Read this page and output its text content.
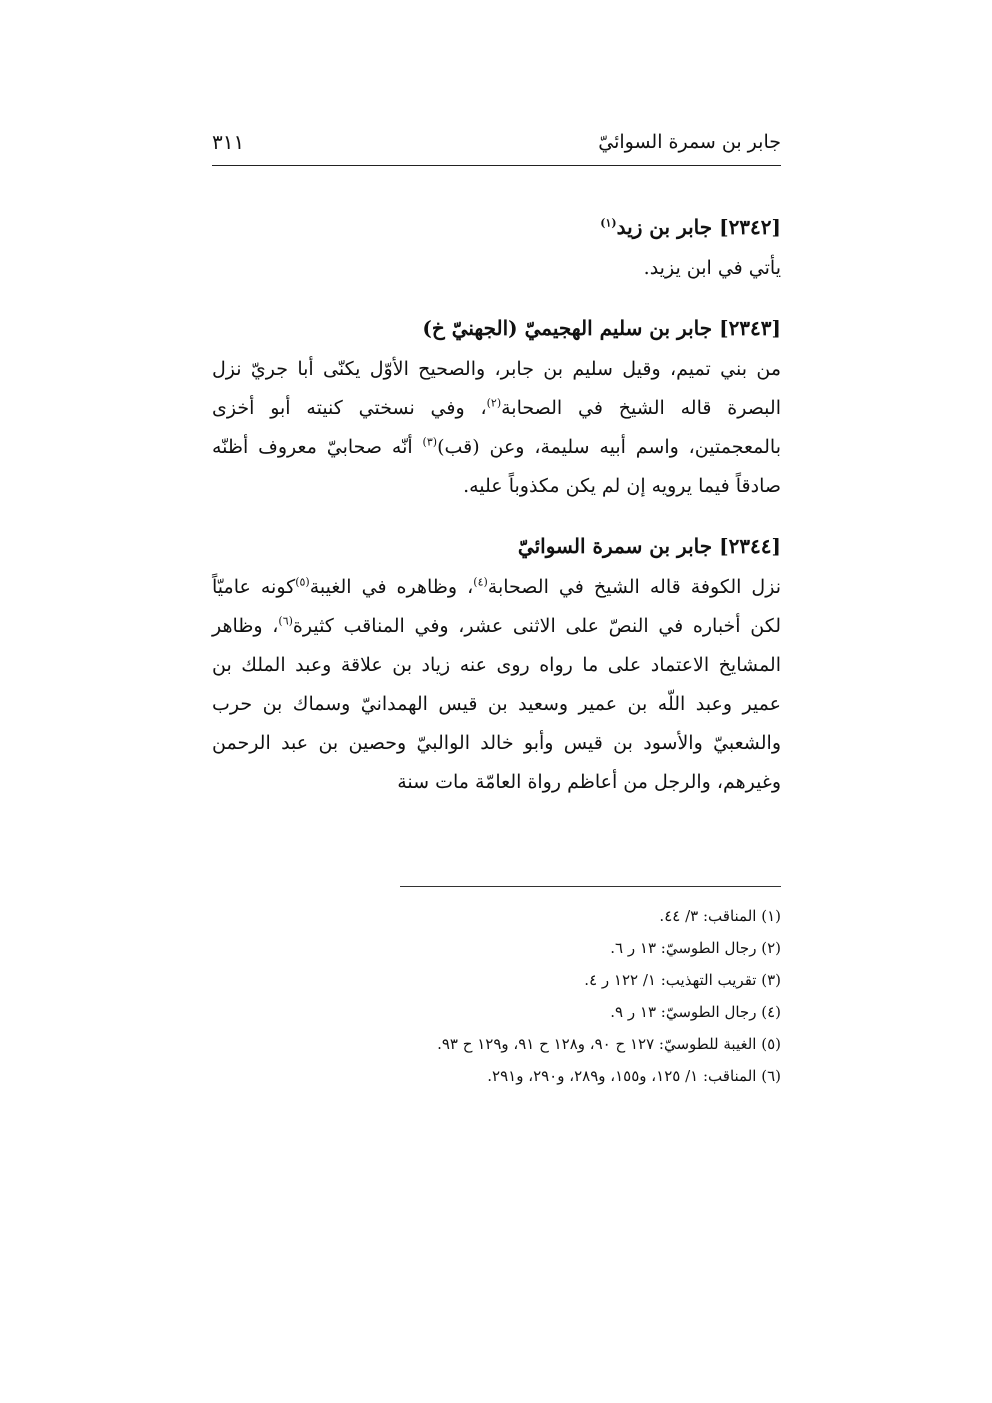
جابر بن سمرة السوائيّ
٣١١

[٢٣٤٢] جابر بن زيد$^{(١)}$

يأتي في ابن يزيد.

[٢٣٤٣] جابر بن سليم الهجيميّ (الجهنيّ خ)

من بني تميم، وقيل سليم بن جابر، والصحيح الأوّل يكنّى أبا جريّ نزل البصرة قاله الشيخ في الصحابة$^{(٢)}$، وفي نسختي كنيته أبو أخزى بالمعجمتين، واسم أبيه سليمة، وعن (قب)$^{(٣)}$ أنّه صحابيّ معروف أظنّه صادقاً فيما يرويه إن لم يكن مكذوباً عليه.

[٢٣٤٤] جابر بن سمرة السوائيّ

نزل الكوفة قاله الشيخ في الصحابة$^{(٤)}$، وظاهره في الغيبة$^{(٥)}$كونه عاميّاً لكن أخباره في النصّ على الاثنى عشر، وفي المناقب كثيرة$^{(٦)}$، وظاهر المشايخ الاعتماد على ما رواه روى عنه زياد بن علاقة وعبد الملك بن عمير وعبد اللّه بن عمير وسعيد بن قيس الهمدانيّ وسماك بن حرب والشعبيّ والأسود بن قيس وأبو خالد الوالبيّ وحصين بن عبد الرحمن وغيرهم، والرجل من أعاظم رواة العامّة مات سنة

(١) المناقب: ٣/ ٤٤.
(٢) رجال الطوسيّ: ١٣ ر ٦.
(٣) تقريب التهذيب: ١/ ١٢٢ ر ٤.
(٤) رجال الطوسيّ: ١٣ ر ٩.
(٥) الغيبة للطوسيّ: ١٢٧ ح ٩٠، و١٢٨ ح ٩١، و١٢٩ ح ٩٣.
(٦) المناقب: ١/ ١٢٥، و١٥٥، و٢٨٩، و٢٩٠، و٢٩١.
